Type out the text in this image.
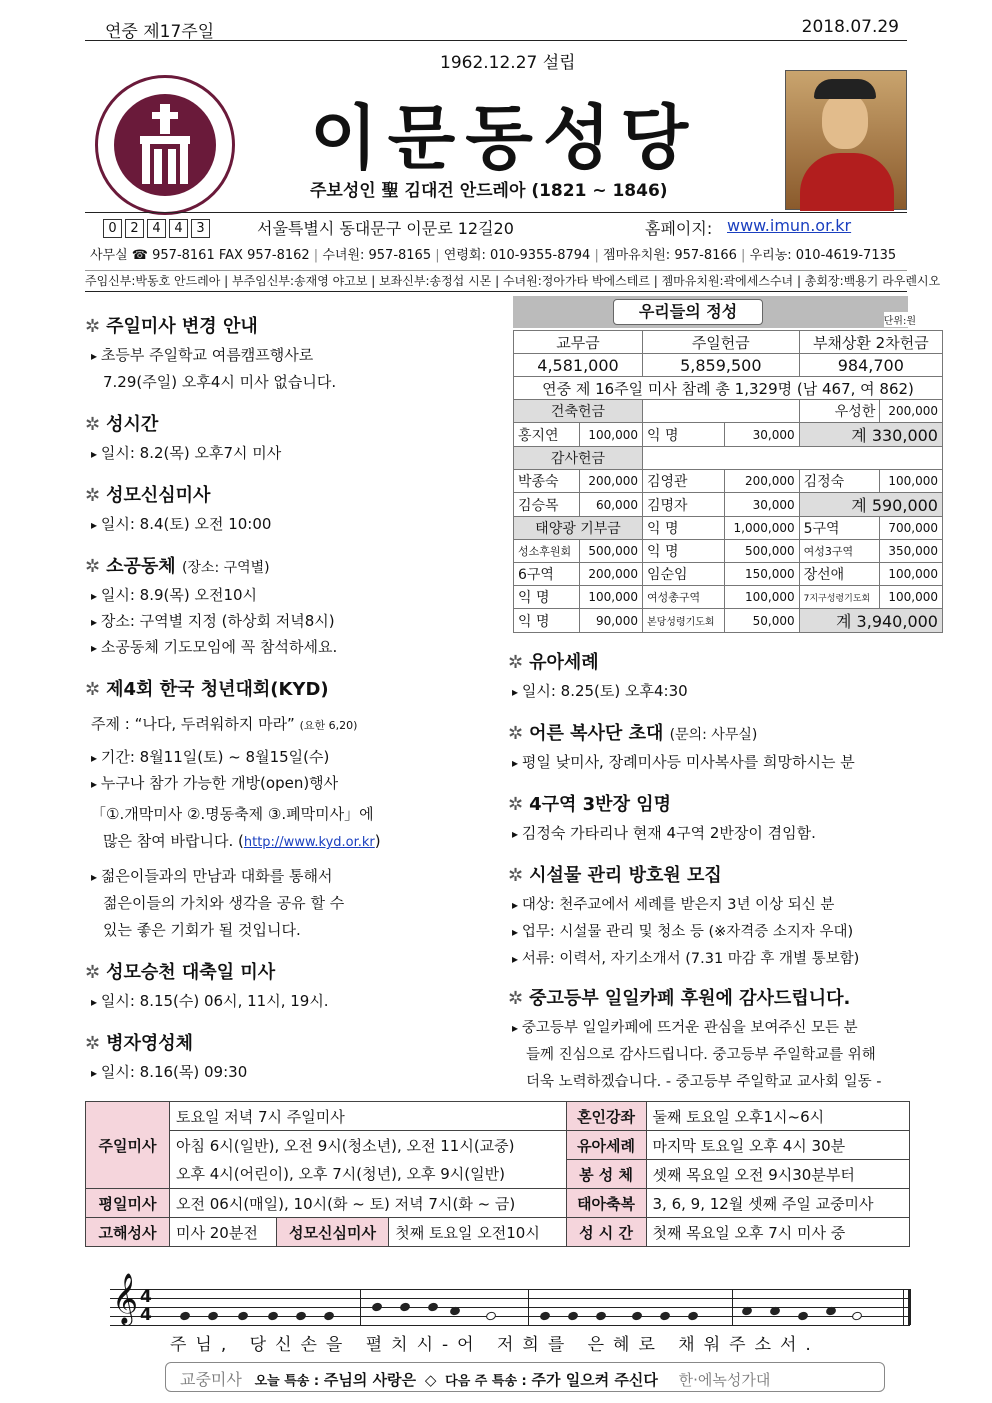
연중 제17주일	2018.07.29
1962.12.27 설립
이문동성당
주보성인 聖 김대건 안드레아 (1821 ~ 1846)
0 2 4 4 3	서울특별시 동대문구 이문로 12길20	홈페이지: www.imun.or.kr
사무실 ☎ 957-8161 FAX 957-8162 | 수녀원: 957-8165 | 연령회: 010-9355-8794 | 젬마유치원: 957-8166 | 우리농: 010-4619-7135
주임신부:박동호 안드레아 | 부주임신부:송재영 야고보 | 보좌신부:송정섭 시몬 | 수녀원:정아가타 박에스테르 | 젬마유치원:곽에세스수녀 | 총회장:백용기 라우렌시오
✲ 주일미사 변경 안내
▸ 초등부 주일학교 여름캠프행사로
7.29(주일) 오후4시 미사 없습니다.
✲ 성시간
▸ 일시: 8.2(목) 오후7시 미사
✲ 성모신심미사
▸ 일시: 8.4(토) 오전 10:00
✲ 소공동체 (장소: 구역별)
▸ 일시: 8.9(목) 오전10시
▸ 장소: 구역별 지정 (하상회 저녁8시)
▸ 소공동체 기도모임에 꼭 참석하세요.
✲ 제4회 한국 청년대회(KYD)
주제 : “나다, 두려워하지 마라” (요한 6,20)
▸ 기간: 8월11일(토) ~ 8월15일(수)
▸ 누구나 참가 가능한 개방(open)행사
「①.개막미사 ②.명동축제 ③.폐막미사」에
많은 참여 바랍니다. (http://www.kyd.or.kr)
▸ 젊은이들과의 만남과 대화를 통해서
젊은이들의 가치와 생각을 공유 할 수
있는 좋은 기회가 될 것입니다.
✲ 성모승천 대축일 미사
▸ 일시: 8.15(수) 06시, 11시, 19시.
✲ 병자영성체
▸ 일시: 8.16(목) 09:30
우리들의 정성
단위:원
교무금		주일헌금		부채상환 2차헌금	
4,581,000		5,859,500		984,700	
연중 제 16주일 미사 참례 총 1,329명 (남 467, 여 862)					
건축헌금				우성한	200,000
홍지연	100,000	익 명	30,000	계 330,000	
감사헌금					
박종숙	200,000	김영관	200,000	김정숙	100,000
김승목	60,000	김명자	30,000	계 590,000	
태양광 기부금		익 명	1,000,000	5구역	700,000
성소후원회	500,000	익 명	500,000	여성3구역	350,000
6구역	200,000	임순임	150,000	장선애	100,000
익 명	100,000	여성총구역	100,000	7지구성령기도회	100,000
익 명	90,000	본당성령기도회	50,000	계 3,940,000	
✲ 유아세례
▸ 일시: 8.25(토) 오후4:30
✲ 어른 복사단 초대 (문의: 사무실)
▸ 평일 낮미사, 장례미사등 미사복사를 희망하시는 분
✲ 4구역 3반장 임명
▸ 김정숙 가타리나 현재 4구역 2반장이 겸임함.
✲ 시설물 관리 방호원 모집
▸ 대상: 천주교에서 세례를 받은지 3년 이상 되신 분
▸ 업무: 시설물 관리 및 청소 등 (※자격증 소지자 우대)
▸ 서류: 이력서, 자기소개서 (7.31 마감 후 개별 통보함)
✲ 중고등부 일일카페 후원에 감사드립니다.
▸ 중고등부 일일카페에 뜨거운 관심을 보여주신 모든 분
들께 진심으로 감사드립니다. 중고등부 주일학교를 위해
더욱 노력하겠습니다. - 중고등부 주일학교 교사회 일동 -
주일미사	토요일 저녁 7시 주일미사			혼인강좌	둘째 토요일 오후1시~6시
	아침 6시(일반), 오전 9시(청소년), 오전 11시(교중)			유아세례	마지막 토요일 오후 4시 30분
	오후 4시(어린이), 오후 7시(청년), 오후 9시(일반)			봉 성 체	셋째 목요일 오전 9시30분부터
평일미사	오전 06시(매일), 10시(화 ~ 토) 저녁 7시(화 ~ 금)			태아축복	3, 6, 9, 12월 셋째 주일 교중미사
고해성사	미사 20분전	성모신심미사	첫째 토요일 오전10시	성 시 간	첫째 목요일 오후 7시 미사 중
𝄞 4
4
주님, 당신손을 펼치시-어 저희를 은혜로 채워주소서.
교중미사 오늘 특송 : 주님의 사랑은 ◇ 다음 주 특송 : 주가 일으켜 주신다 한·에녹성가대
